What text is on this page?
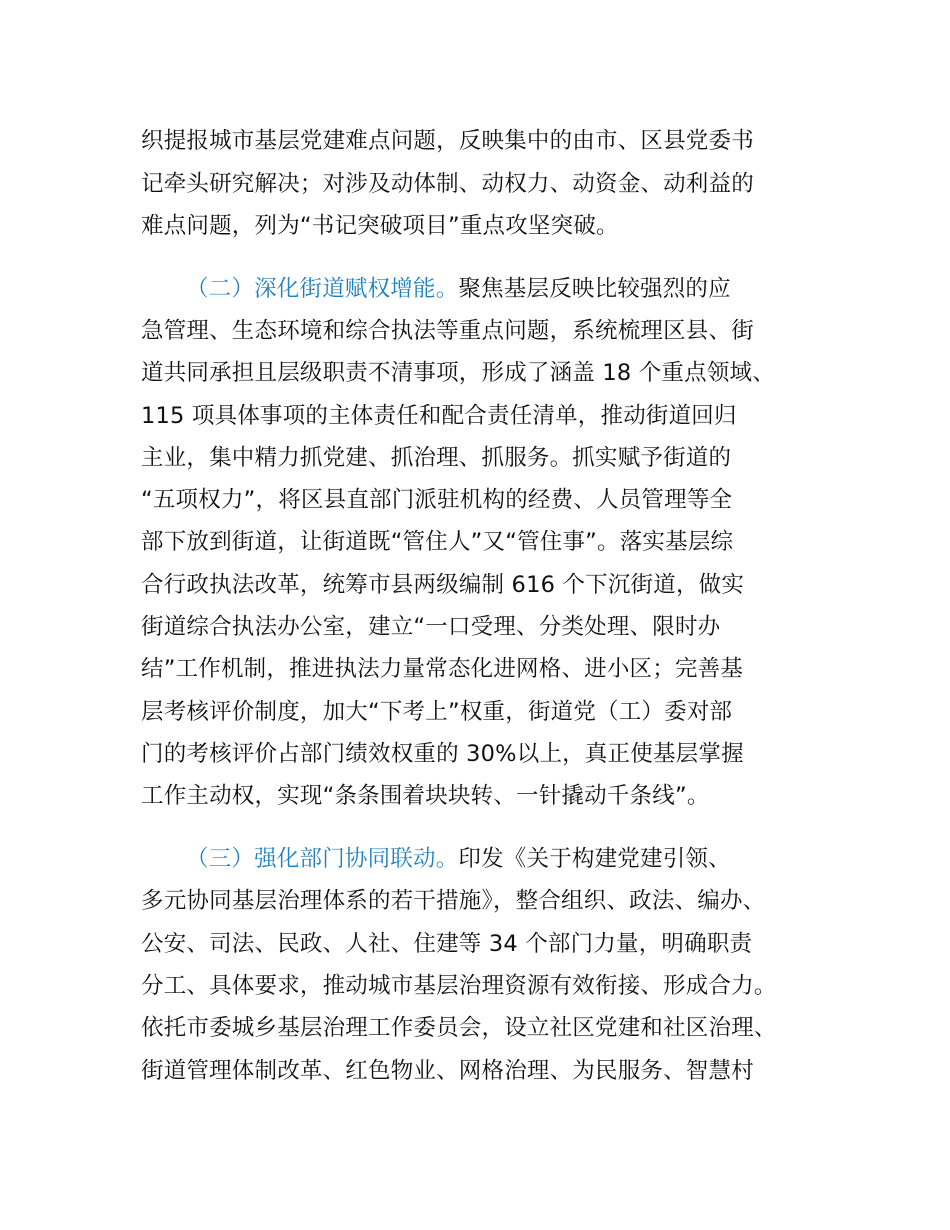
织提报城市基层党建难点问题，反映集中的由市、区县党委书
记牵头研究解决；对涉及动体制、动权力、动资金、动利益的
难点问题，列为“书记突破项目”重点攻坚突破。
（二）深化街道赋权增能。聚焦基层反映比较强烈的应
急管理、生态环境和综合执法等重点问题，系统梳理区县、街
道共同承担且层级职责不清事项，形成了涵盖 18 个重点领域、
115 项具体事项的主体责任和配合责任清单，推动街道回归
主业，集中精力抓党建、抓治理、抓服务。抓实赋予街道的
“五项权力”，将区县直部门派驻机构的经费、人员管理等全
部下放到街道，让街道既“管住人”又“管住事”。落实基层综
合行政执法改革，统筹市县两级编制 616 个下沉街道，做实
街道综合执法办公室，建立“一口受理、分类处理、限时办
结”工作机制，推进执法力量常态化进网格、进小区；完善基
层考核评价制度，加大“下考上”权重，街道党（工）委对部
门的考核评价占部门绩效权重的 30%以上，真正使基层掌握
工作主动权，实现“条条围着块块转、一针撬动千条线”。
（三）强化部门协同联动。印发《关于构建党建引领、
多元协同基层治理体系的若干措施》，整合组织、政法、编办、
公安、司法、民政、人社、住建等 34 个部门力量，明确职责
分工、具体要求，推动城市基层治理资源有效衔接、形成合力。
依托市委城乡基层治理工作委员会，设立社区党建和社区治理、
街道管理体制改革、红色物业、网格治理、为民服务、智慧村
